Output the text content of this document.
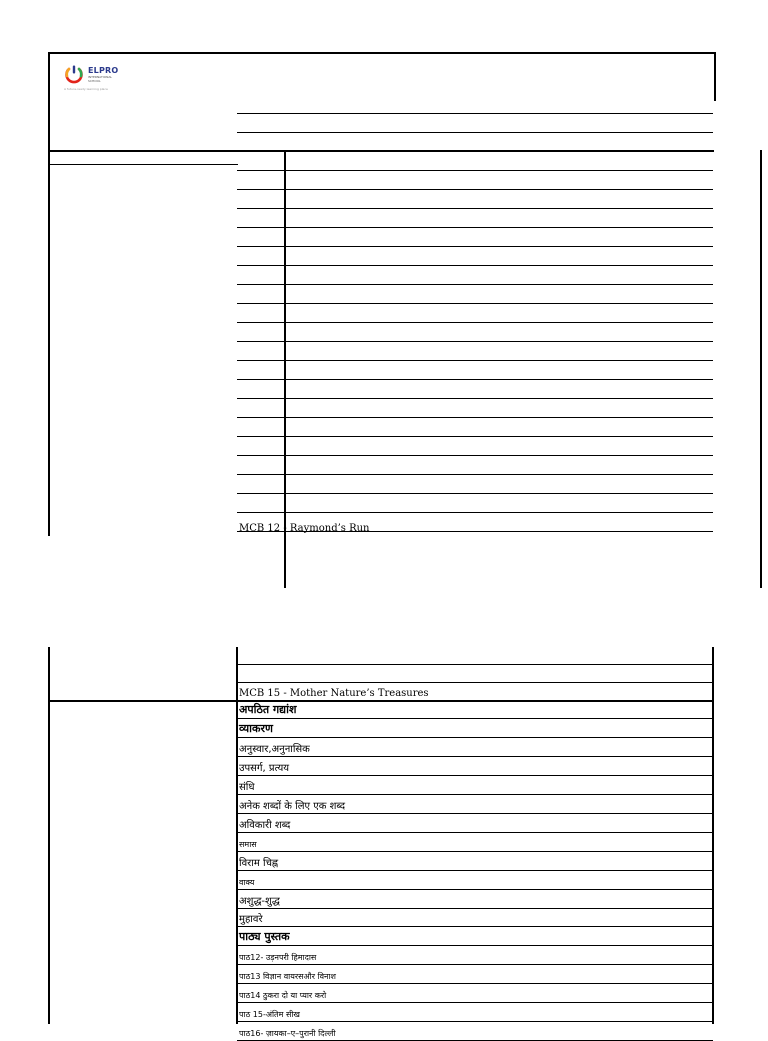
ELPRO
INTERNATIONAL SCHOOL
A future-ready learning place
MCB 12 - Raymond’s Run
MCB 15 - Mother Nature’s Treasures
अपठित गद्यांश
व्याकरण
अनुस्वार,अनुनासिक
उपसर्ग, प्रत्यय
संधि
अनेक शब्दों के लिए एक शब्द
अविकारी शब्द
समास
विराम चिह्न
वाक्य
अशुद्ध-शुद्ध
मुहावरे
पाठ्य पुस्तक
पाठ12- उड़नपरी हिमादास
पाठ13 विज्ञान वायरसऔर विनाश
पाठ14 ठुकरा दो या प्यार करो
पाठ 15-अंतिम सीख
पाठ16- ज़ायका–ए–पुरानी दिल्ली
